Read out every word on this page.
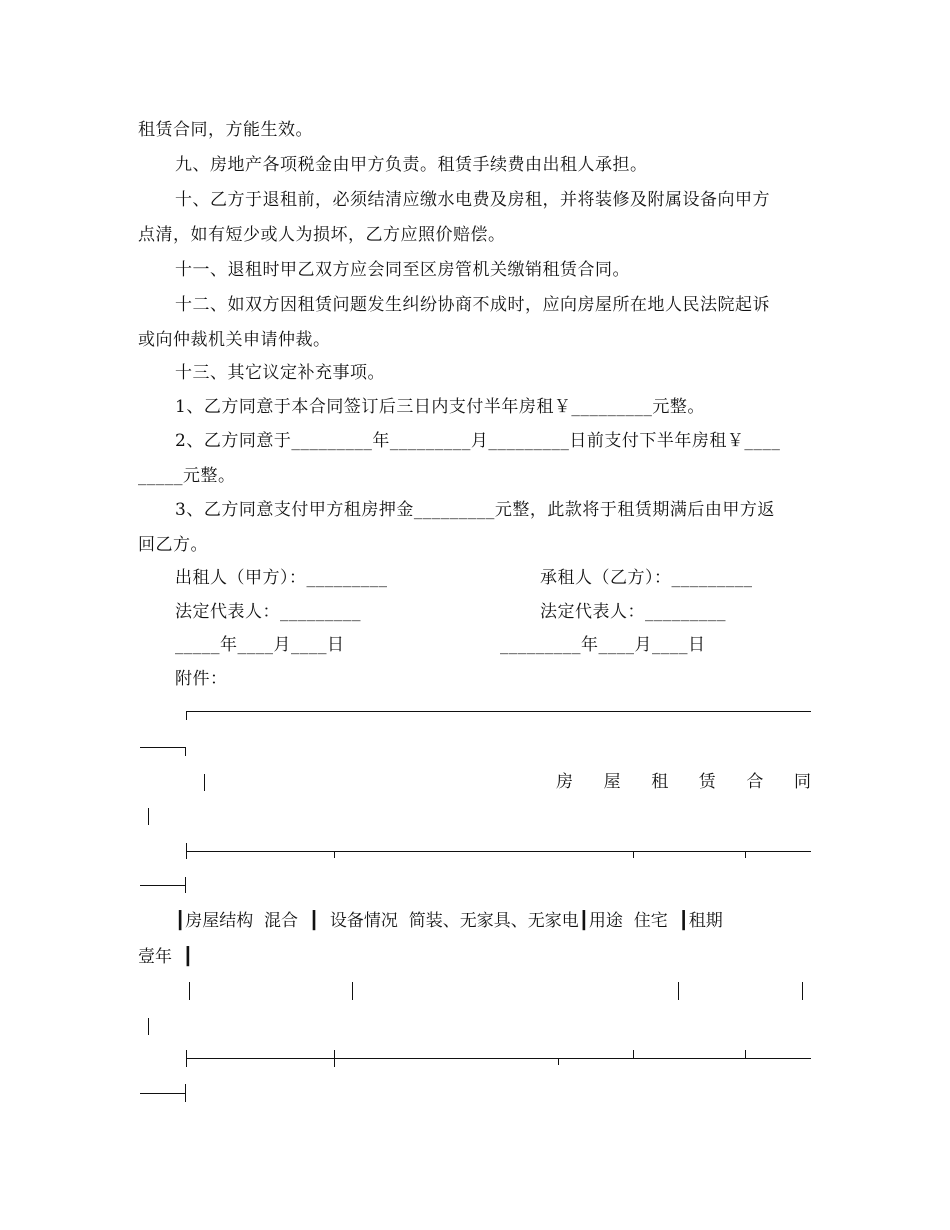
租赁合同，方能生效。
九、房地产各项税金由甲方负责。租赁手续费由出租人承担。
十、乙方于退租前，必须结清应缴水电费及房租，并将装修及附属设备向甲方
点清，如有短少或人为损坏，乙方应照价赔偿。
十一、退租时甲乙双方应会同至区房管机关缴销租赁合同。
十二、如双方因租赁问题发生纠纷协商不成时，应向房屋所在地人民法院起诉
或向仲裁机关申请仲裁。
十三、其它议定补充事项。
1、乙方同意于本合同签订后三日内支付半年房租￥_________元整。
2、乙方同意于_________年_________月_________日前支付下半年房租￥____
_____元整。
3、乙方同意支付甲方租房押金_________元整，此款将于租赁期满后由甲方返
回乙方。
出租人（甲方）：_________	承租人（乙方）：_________
法定代表人：_________	法定代表人：_________
_____年____月____日	_________年____月____日
附件：
房 屋 租 赁 合 同
┃房屋结构  混合  ┃  设备情况  简装、无家具、无家电┃用途  住宅  ┃租期
壹年  ┃
